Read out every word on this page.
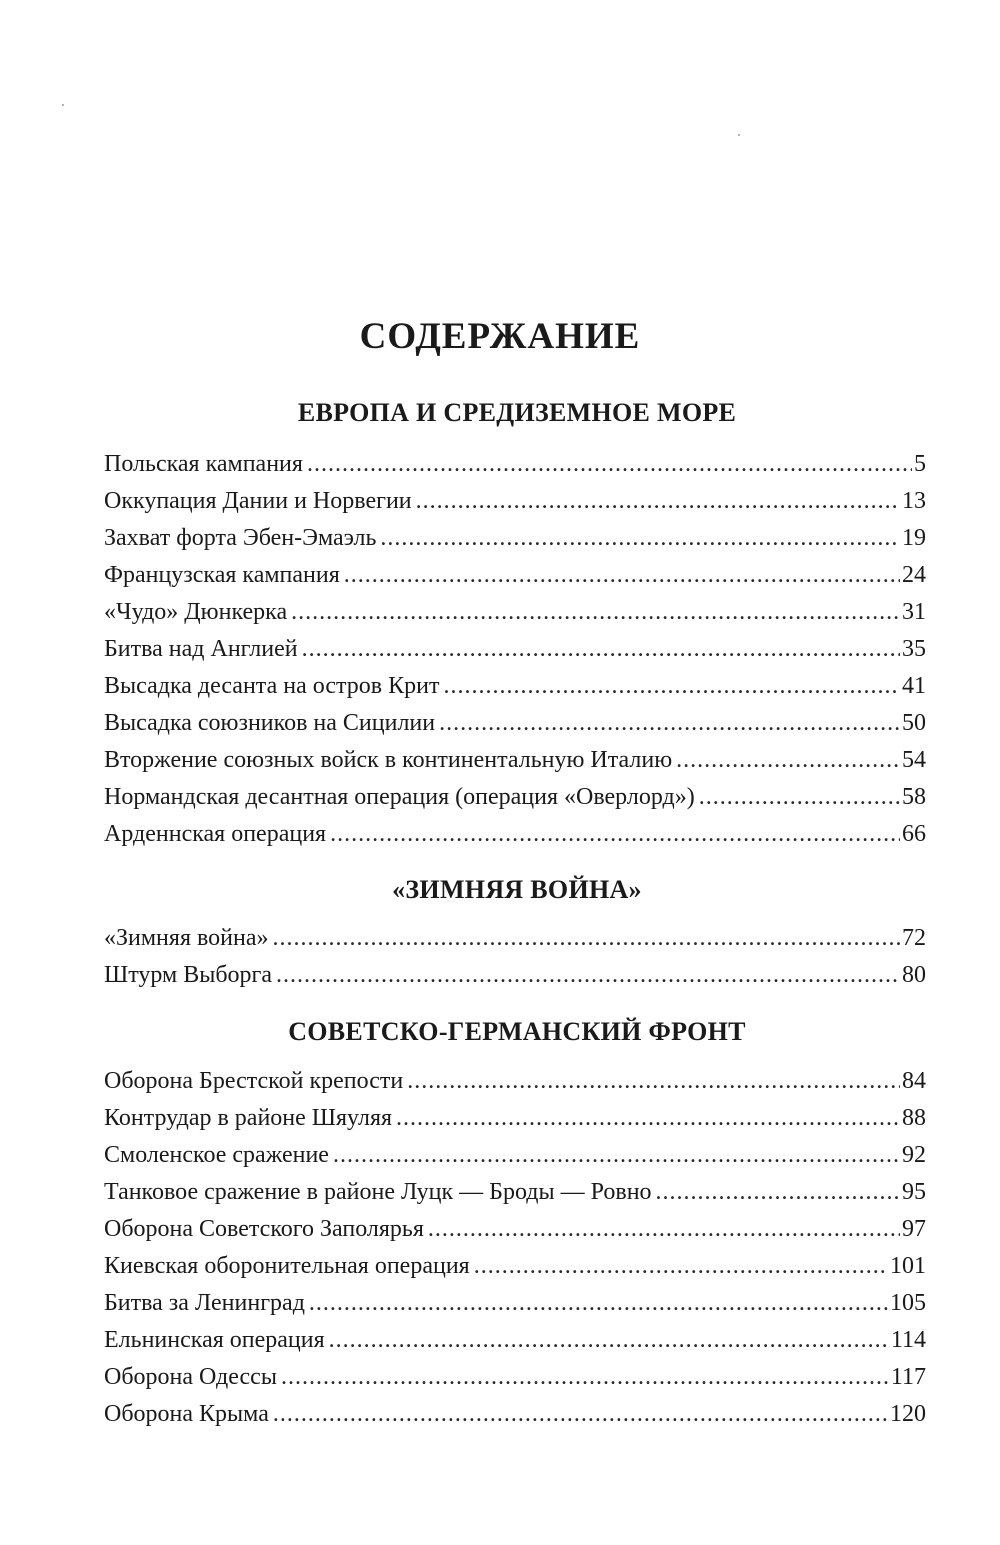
СОДЕРЖАНИЕ
ЕВРОПА И СРЕДИЗЕМНОЕ МОРЕ
Польская кампания .....	5
Оккупация Дании и Норвегии .....	13
Захват форта Эбен-Эмаэль .....	19
Французская кампания .....	24
«Чудо» Дюнкерка .....	31
Битва над Англией .....	35
Высадка десанта на остров Крит .....	41
Высадка союзников на Сицилии .....	50
Вторжение союзных войск в континентальную Италию .....	54
Нормандская десантная операция (операция «Оверлорд») .....	58
Арденнская операция .....	66
«ЗИМНЯЯ ВОЙНА»
«Зимняя война» .....	72
Штурм Выборга .....	80
СОВЕТСКО-ГЕРМАНСКИЙ ФРОНТ
Оборона Брестской крепости .....	84
Контрудар в районе Шяуляя .....	88
Смоленское сражение .....	92
Танковое сражение в районе Луцк — Броды — Ровно .....	95
Оборона Советского Заполярья .....	97
Киевская оборонительная операция .....	101
Битва за Ленинград .....	105
Ельнинская операция .....	114
Оборона Одессы .....	117
Оборона Крыма .....	120
